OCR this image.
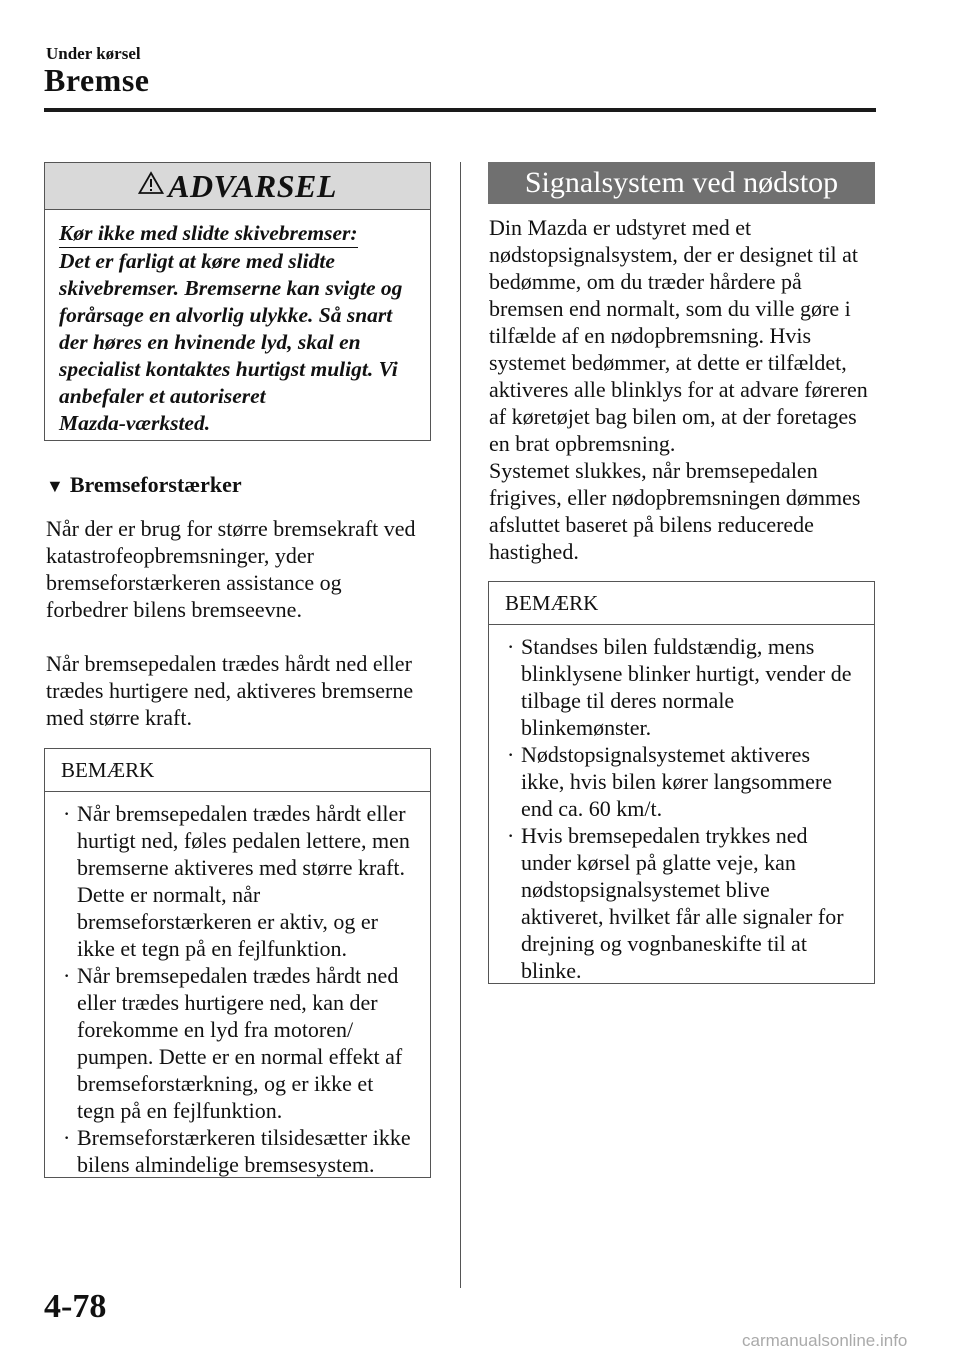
Under kørsel
Bremse
ADVARSEL
Kør ikke med slidte skivebremser:
Det er farligt at køre med slidte
skivebremser. Bremserne kan svigte og
forårsage en alvorlig ulykke. Så snart
der høres en hvinende lyd, skal en
specialist kontaktes hurtigst muligt. Vi
anbefaler et autoriseret
Mazda-værksted.
▼ Bremseforstærker
Når der er brug for større bremsekraft ved
katastrofeopbremsninger, yder
bremseforstærkeren assistance og
forbedrer bilens bremseevne.
Når bremsepedalen trædes hårdt ned eller
trædes hurtigere ned, aktiveres bremserne
med større kraft.
BEMÆRK
· Når bremsepedalen trædes hårdt eller
hurtigt ned, føles pedalen lettere, men
bremserne aktiveres med større kraft.
Dette er normalt, når
bremseforstærkeren er aktiv, og er
ikke et tegn på en fejlfunktion.
· Når bremsepedalen trædes hårdt ned
eller trædes hurtigere ned, kan der
forekomme en lyd fra motoren/
pumpen. Dette er en normal effekt af
bremseforstærkning, og er ikke et
tegn på en fejlfunktion.
· Bremseforstærkeren tilsidesætter ikke
bilens almindelige bremsesystem.
Signalsystem ved nødstop
Din Mazda er udstyret med et
nødstopsignalsystem, der er designet til at
bedømme, om du træder hårdere på
bremsen end normalt, som du ville gøre i
tilfælde af en nødopbremsning. Hvis
systemet bedømmer, at dette er tilfældet,
aktiveres alle blinklys for at advare føreren
af køretøjet bag bilen om, at der foretages
en brat opbremsning.
Systemet slukkes, når bremsepedalen
frigives, eller nødopbremsningen dømmes
afsluttet baseret på bilens reducerede
hastighed.
BEMÆRK
· Standses bilen fuldstændig, mens
blinklysene blinker hurtigt, vender de
tilbage til deres normale
blinkemønster.
· Nødstopsignalsystemet aktiveres
ikke, hvis bilen kører langsommere
end ca. 60 km/t.
· Hvis bremsepedalen trykkes ned
under kørsel på glatte veje, kan
nødstopsignalsystemet blive
aktiveret, hvilket får alle signaler for
drejning og vognbaneskifte til at
blinke.
4-78
carmanualsonline.info
